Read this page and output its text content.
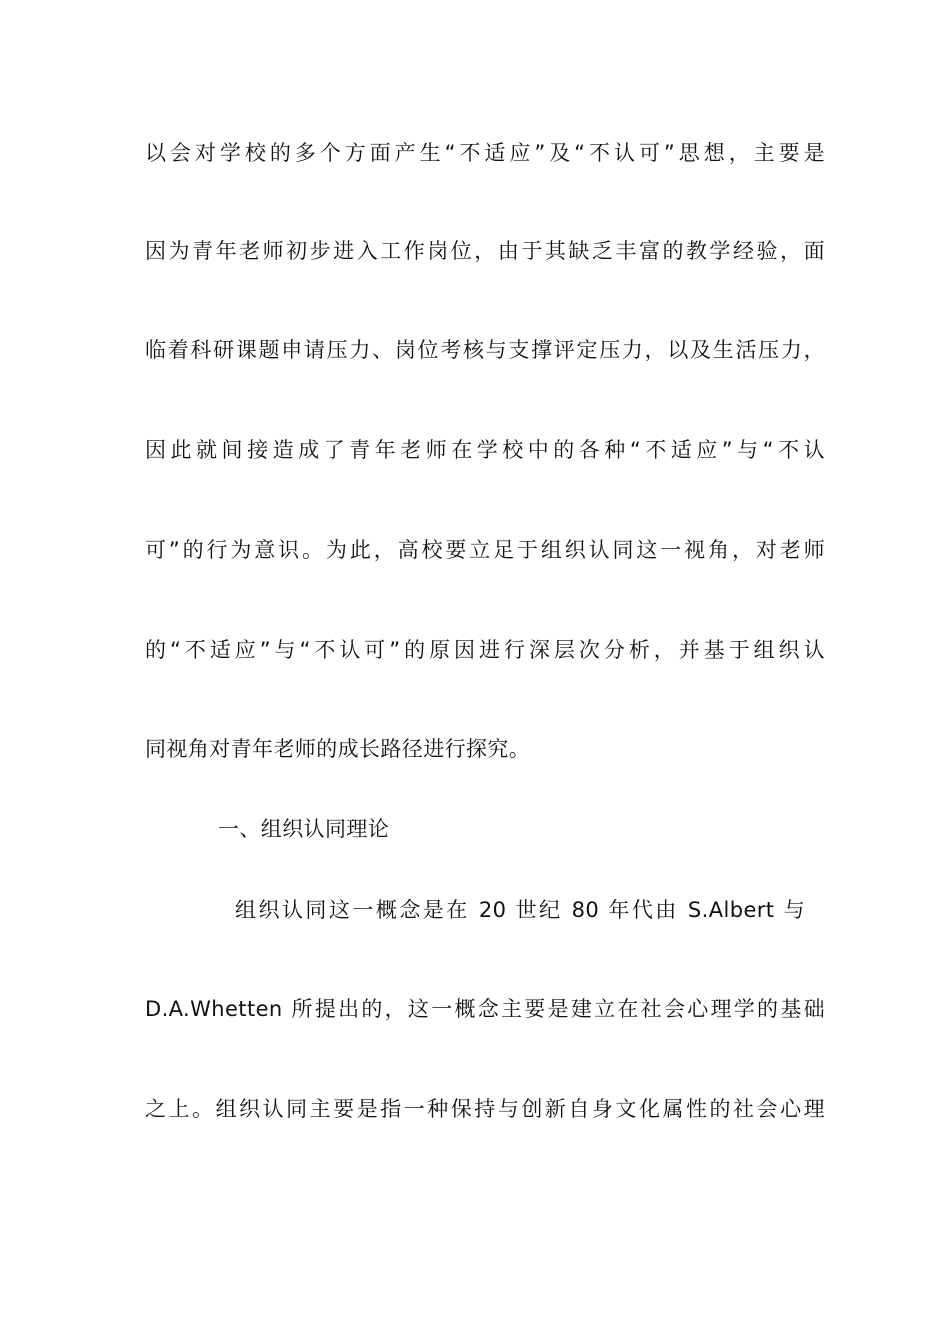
以会对学校的多个方面产生“不适应”及“不认可”思想，主要是
因为青年老师初步进入工作岗位，由于其缺乏丰富的教学经验，面
临着科研课题申请压力、岗位考核与支撑评定压力，以及生活压力，
因此就间接造成了青年老师在学校中的各种“不适应”与“不认
可”的行为意识。为此，高校要立足于组织认同这一视角，对老师
的“不适应”与“不认可”的原因进行深层次分析，并基于组织认
同视角对青年老师的成长路径进行探究。
一、组织认同理论
组织认同这一概念是在 20 世纪 80 年代由 S.Albert 与
D.A.Whetten 所提出的，这一概念主要是建立在社会心理学的基础
之上。组织认同主要是指一种保持与创新自身文化属性的社会心理
